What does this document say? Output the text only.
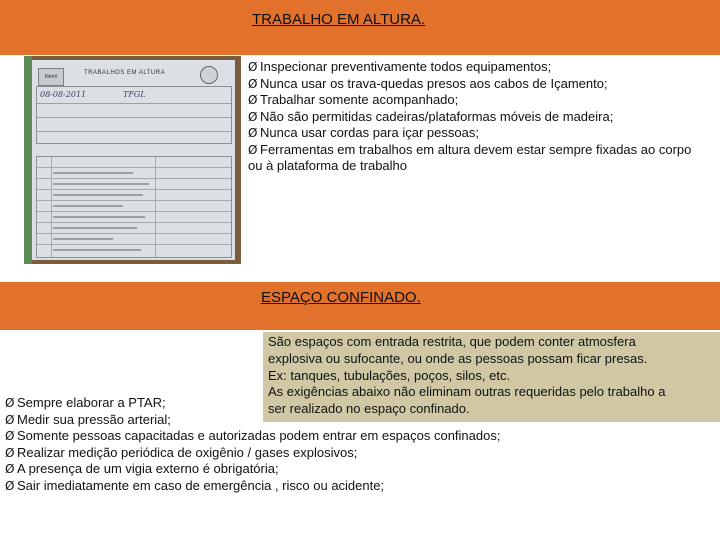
TRABALHO EM ALTURA.
Metrô
TRABALHOS EM ALTURA
08-08-2011	TFGL
Ø Inspecionar preventivamente todos equipamentos;
Ø Nunca usar os trava-quedas presos aos cabos de Içamento;
Ø Trabalhar somente acompanhado;
Ø Não são permitidas cadeiras/plataformas móveis de madeira;
Ø Nunca usar cordas para içar pessoas;
Ø Ferramentas em trabalhos em altura devem estar sempre fixadas ao corpo ou à plataforma de trabalho
ESPAÇO CONFINADO.

São espaços com entrada restrita, que podem conter atmosfera
explosiva ou sufocante, ou onde as pessoas possam ficar presas.
Ex: tanques, tubulações, poços, silos, etc.
As exigências abaixo não eliminam outras requeridas pelo trabalho a
ser realizado no espaço confinado.

Ø Sempre elaborar a PTAR;
Ø Medir sua pressão arterial;
Ø Somente pessoas capacitadas e autorizadas podem entrar em espaços confinados;
Ø Realizar medição periódica de oxigênio / gases explosivos;
Ø A presença de um vigia externo é obrigatória;
Ø Sair imediatamente em caso de emergência , risco ou acidente;
